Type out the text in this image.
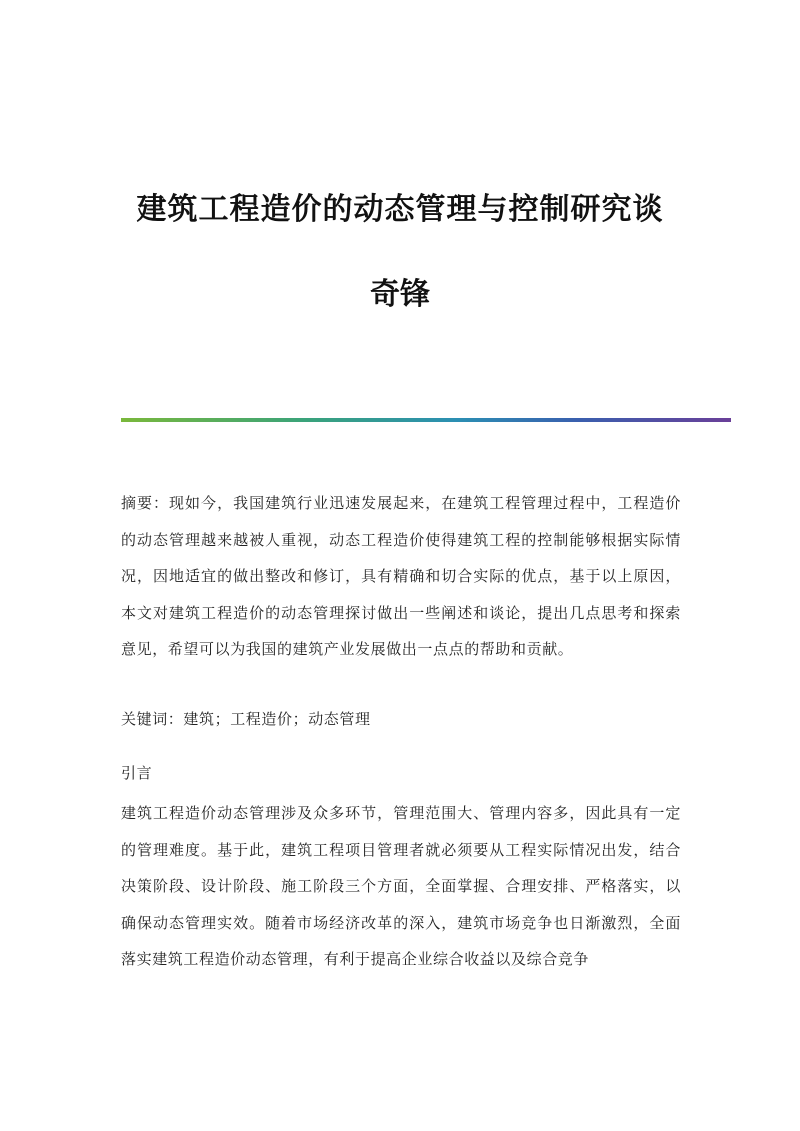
建筑工程造价的动态管理与控制研究谈
奇锋

摘要：现如今，我国建筑行业迅速发展起来，在建筑工程管理过程中，工程造价的动态管理越来越被人重视，动态工程造价使得建筑工程的控制能够根据实际情况，因地适宜的做出整改和修订，具有精确和切合实际的优点，基于以上原因，本文对建筑工程造价的动态管理探讨做出一些阐述和谈论，提出几点思考和探索意见，希望可以为我国的建筑产业发展做出一点点的帮助和贡献。

关键词：建筑；工程造价；动态管理

引言

建筑工程造价动态管理涉及众多环节，管理范围大、管理内容多，因此具有一定的管理难度。基于此，建筑工程项目管理者就必须要从工程实际情况出发，结合决策阶段、设计阶段、施工阶段三个方面，全面掌握、合理安排、严格落实，以确保动态管理实效。随着市场经济改革的深入，建筑市场竞争也日渐激烈，全面落实建筑工程造价动态管理，有利于提高企业综合收益以及综合竞争
